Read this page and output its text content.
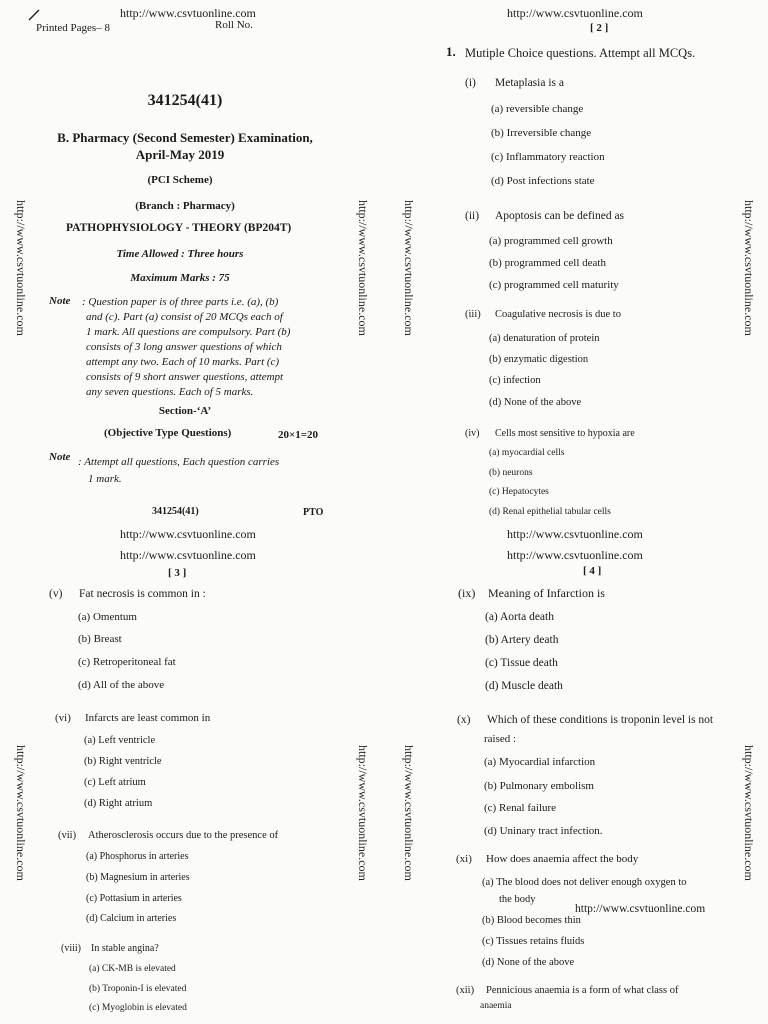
http://www.csvtuonline.com	http://www.csvtuonline.com
http://www.csvtuonline.com	http://www.csvtuonline.com	http://www.csvtuonline.com	http://www.csvtuonline.com
http://www.csvtuonline.com	http://www.csvtuonline.com	http://www.csvtuonline.com	http://www.csvtuonline.com
Printed Pages– 8	Roll No.
341254(41)
B. Pharmacy (Second Semester) Examination,
April-May 2019
(PCI Scheme)
(Branch : Pharmacy)
PATHOPHYSIOLOGY - THEORY (BP204T)
Time Allowed : Three hours
Maximum Marks : 75
Note : Question paper is of three parts i.e. (a), (b)
and (c). Part (a) consist of 20 MCQs each of
1 mark. All questions are compulsory. Part (b)
consists of 3 long answer questions of which
attempt any two. Each of 10 marks. Part (c)
consists of 9 short answer questions, attempt
any seven questions. Each of 5 marks.
Section-‘A’
(Objective Type Questions)	20×1=20
Note : Attempt all questions, Each question carries
1 mark.
341254(41)	PTO
http://www.csvtuonline.com
http://www.csvtuonline.com
[ 2 ]
1. Mutiple Choice questions. Attempt all MCQs.
(i) Metaplasia is a
(a) reversible change
(b) Irreversible change
(c) Inflammatory reaction
(d) Post infections state
(ii) Apoptosis can be defined as
(a) programmed cell growth
(b) programmed cell death
(c) programmed cell maturity
(iii) Coagulative necrosis is due to
(a) denaturation of protein
(b) enzymatic digestion
(c) infection
(d) None of the above
(iv) Cells most sensitive to hypoxia are
(a) myocardial cells
(b) neurons
(c) Hepatocytes
(d) Renal epithelial tabular cells
http://www.csvtuonline.com
http://www.csvtuonline.com
[ 3 ]
(v) Fat necrosis is common in :
(a) Omentum
(b) Breast
(c) Retroperitoneal fat
(d) All of the above
(vi) Infarcts are least common in
(a) Left ventricle
(b) Right ventricle
(c) Left atrium
(d) Right atrium
(vii) Atherosclerosis occurs due to the presence of
(a) Phosphorus in arteries
(b) Magnesium in arteries
(c) Pottasium in arteries
(d) Calcium in arteries
(viii) In stable angina?
(a) CK-MB is elevated
(b) Troponin-I is elevated
(c) Myoglobin is elevated
[ 4 ]
(ix) Meaning of Infarction is
(a) Aorta death
(b) Artery death
(c) Tissue death
(d) Muscle death
(x) Which of these conditions is troponin level is not
raised :
(a) Myocardial infarction
(b) Pulmonary embolism
(c) Renal failure
(d) Uninary tract infection.
(xi) How does anaemia affect the body
(a) The blood does not deliver enough oxygen to
the body
http://www.csvtuonline.com
(b) Blood becomes thin
(c) Tissues retains fluids
(d) None of the above
(xii) Pennicious anaemia is a form of what class of
anaemia
